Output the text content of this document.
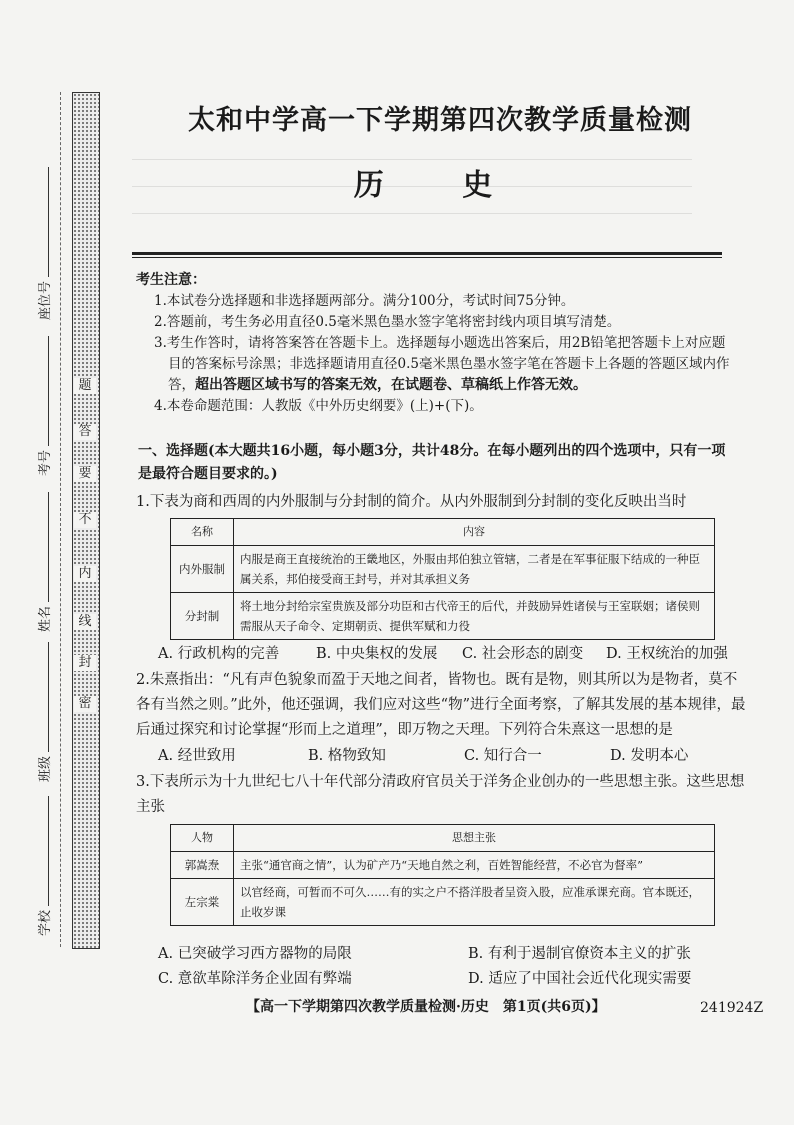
题
答
要
不
内
线
封
密
座位号
考号
姓名
班级
学校
太和中学高一下学期第四次教学质量检测
历 史
考生注意：
1.本试卷分选择题和非选择题两部分。满分100分，考试时间75分钟。
2.答题前，考生务必用直径0.5毫米黑色墨水签字笔将密封线内项目填写清楚。
3.考生作答时，请将答案答在答题卡上。选择题每小题选出答案后，用2B铅笔把答题卡上对应题目的答案标号涂黑；非选择题请用直径0.5毫米黑色墨水签字笔在答题卡上各题的答题区域内作答，超出答题区域书写的答案无效，在试题卷、草稿纸上作答无效。
4.本卷命题范围：人教版《中外历史纲要》(上)+(下)。
一、选择题(本大题共16小题，每小题3分，共计48分。在每小题列出的四个选项中，只有一项是最符合题目要求的。)
1.下表为商和西周的内外服制与分封制的简介。从内外服制到分封制的变化反映出当时
名称	内容
内外服制	内服是商王直接统治的王畿地区，外服由邦伯独立管辖，二者是在军事征服下结成的一种臣属关系，邦伯接受商王封号，并对其承担义务
分封制	将土地分封给宗室贵族及部分功臣和古代帝王的后代，并鼓励异姓诸侯与王室联姻；诸侯则需服从天子命令、定期朝贡、提供军赋和力役
A. 行政机构的完善	B. 中央集权的发展	C. 社会形态的剧变	D. 王权统治的加强
2.朱熹指出：“凡有声色貌象而盈于天地之间者，皆物也。既有是物，则其所以为是物者，莫不各有当然之则。”此外，他还强调，我们应对这些“物”进行全面考察，了解其发展的基本规律，最后通过探究和讨论掌握“形而上之道理”，即万物之天理。下列符合朱熹这一思想的是
A. 经世致用	B. 格物致知	C. 知行合一	D. 发明本心
3.下表所示为十九世纪七八十年代部分清政府官员关于洋务企业创办的一些思想主张。这些思想主张
人物	思想主张
郭嵩焘	主张“通官商之情”，认为矿产乃“天地自然之利，百姓智能经营，不必官为督率”
左宗棠	以官经商，可暂而不可久……有的实之户不搭洋股者呈资入股，应准承课充商。官本既还，止收岁课
A. 已突破学习西方器物的局限	B. 有利于遏制官僚资本主义的扩张
C. 意欲革除洋务企业固有弊端	D. 适应了中国社会近代化现实需要
【高一下学期第四次教学质量检测·历史　第1页(共6页)】	241924Z
